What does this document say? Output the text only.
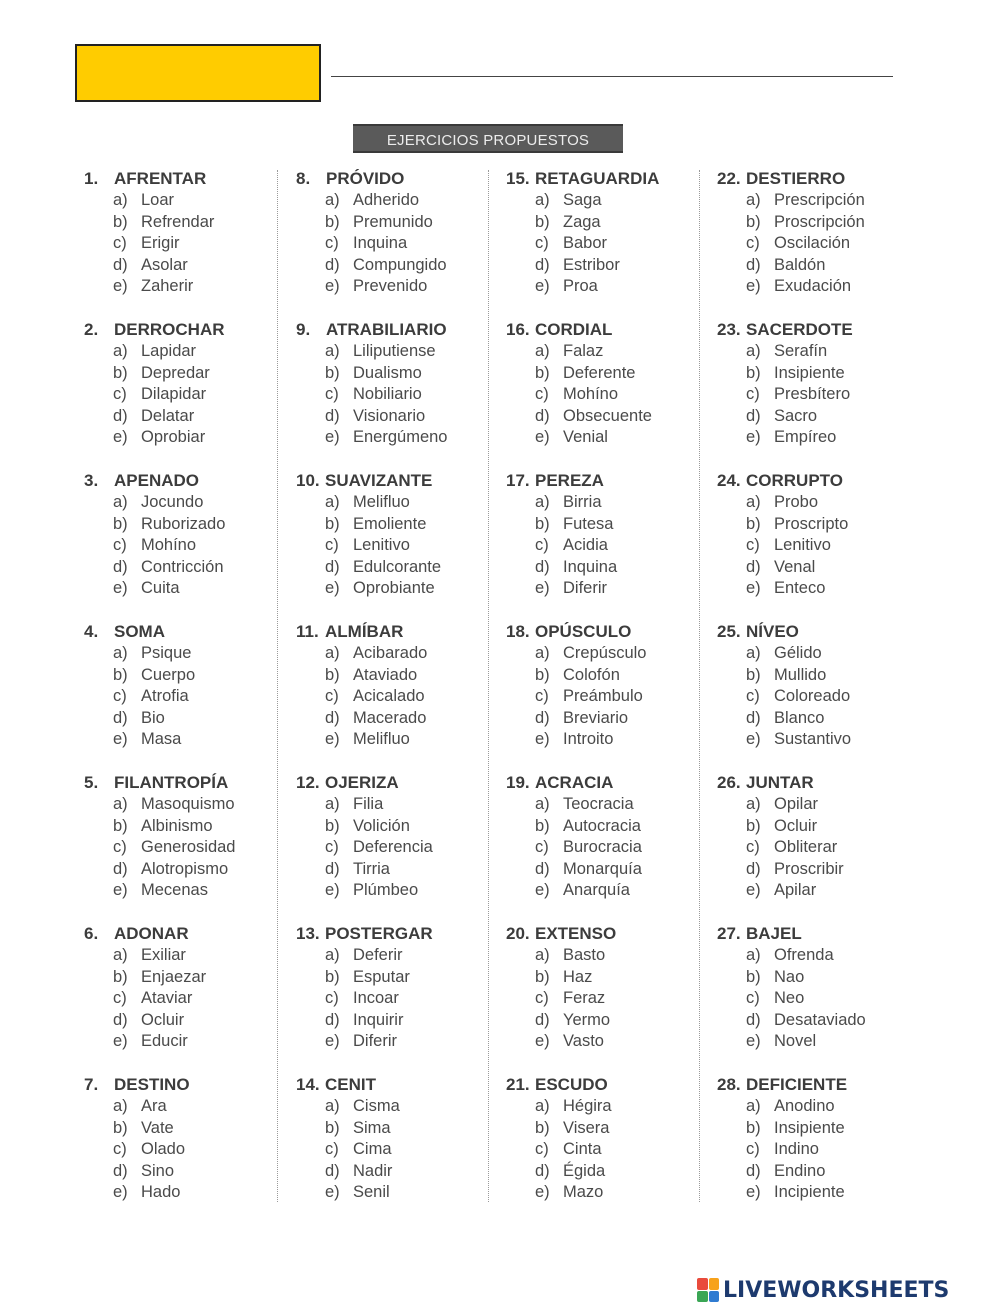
EJERCICIOS PROPUESTOS
1. AFRENTAR
a) Loar
b) Refrendar
c) Erigir
d) Asolar
e) Zaherir
2. DERROCHAR
a) Lapidar
b) Depredar
c) Dilapidar
d) Delatar
e) Oprobiar
3. APENADO
a) Jocundo
b) Ruborizado
c) Mohíno
d) Contricción
e) Cuita
4. SOMA
a) Psique
b) Cuerpo
c) Atrofia
d) Bio
e) Masa
5. FILANTROPÍA
a) Masoquismo
b) Albinismo
c) Generosidad
d) Alotropismo
e) Mecenas
6. ADONAR
a) Exiliar
b) Enjaezar
c) Ataviar
d) Ocluir
e) Educir
7. DESTINO
a) Ara
b) Vate
c) Olado
d) Sino
e) Hado
8. PRÓVIDO
a) Adherido
b) Premunido
c) Inquina
d) Compungido
e) Prevenido
9. ATRABILIARIO
a) Liliputiense
b) Dualismo
c) Nobiliario
d) Visionario
e) Energúmeno
10. SUAVIZANTE
a) Melifluo
b) Emoliente
c) Lenitivo
d) Edulcorante
e) Oprobiante
11. ALMÍBAR
a) Acibarado
b) Ataviado
c) Acicalado
d) Macerado
e) Melifluo
12. OJERIZA
a) Filia
b) Volición
c) Deferencia
d) Tirria
e) Plúmbeo
13. POSTERGAR
a) Deferir
b) Esputar
c) Incoar
d) Inquirir
e) Diferir
14. CENIT
a) Cisma
b) Sima
c) Cima
d) Nadir
e) Senil
15. RETAGUARDIA
a) Saga
b) Zaga
c) Babor
d) Estribor
e) Proa
16. CORDIAL
a) Falaz
b) Deferente
c) Mohíno
d) Obsecuente
e) Venial
17. PEREZA
a) Birria
b) Futesa
c) Acidia
d) Inquina
e) Diferir
18. OPÚSCULO
a) Crepúsculo
b) Colofón
c) Preámbulo
d) Breviario
e) Introito
19. ACRACIA
a) Teocracia
b) Autocracia
c) Burocracia
d) Monarquía
e) Anarquía
20. EXTENSO
a) Basto
b) Haz
c) Feraz
d) Yermo
e) Vasto
21. ESCUDO
a) Hégira
b) Visera
c) Cinta
d) Égida
e) Mazo
22. DESTIERRO
a) Prescripción
b) Proscripción
c) Oscilación
d) Baldón
e) Exudación
23. SACERDOTE
a) Serafín
b) Insipiente
c) Presbítero
d) Sacro
e) Empíreo
24. CORRUPTO
a) Probo
b) Proscripto
c) Lenitivo
d) Venal
e) Enteco
25. NÍVEO
a) Gélido
b) Mullido
c) Coloreado
d) Blanco
e) Sustantivo
26. JUNTAR
a) Opilar
b) Ocluir
c) Obliterar
d) Proscribir
e) Apilar
27. BAJEL
a) Ofrenda
b) Nao
c) Neo
d) Desataviado
e) Novel
28. DEFICIENTE
a) Anodino
b) Insipiente
c) Indino
d) Endino
e) Incipiente
LIVEWORKSHEETS
